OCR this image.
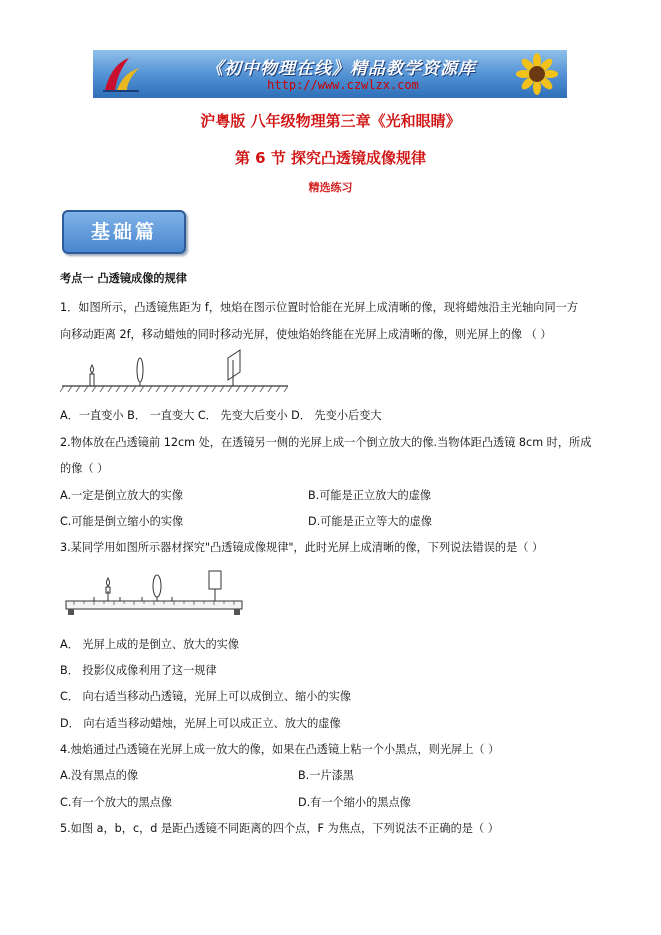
《初中物理在线》精品教学资源库
http://www.czwlzx.com
沪粤版 八年级物理第三章《光和眼睛》
第 6 节 探究凸透镜成像规律
精选练习
基础篇
考点一 凸透镜成像的规律
1．如图所示，凸透镜焦距为 f，烛焰在图示位置时恰能在光屏上成清晰的像，现将蜡烛沿主光轴向同一方
向移动距离 2f，移动蜡烛的同时移动光屏，使烛焰始终能在光屏上成清晰的像，则光屏上的像 （ ）
A．一直变小 B． 一直变大 C． 先变大后变小 D． 先变小后变大
2.物体放在凸透镜前 12cm 处，在透镜另一侧的光屏上成一个倒立放大的像.当物体距凸透镜 8cm 时，所成
的像（ ）
A.一定是倒立放大的实像	B.可能是正立放大的虚像
C.可能是倒立缩小的实像	D.可能是正立等大的虚像
3.某同学用如图所示器材探究"凸透镜成像规律"，此时光屏上成清晰的像，下列说法错误的是（ ）
A． 光屏上成的是倒立、放大的实像
B． 投影仪成像利用了这一规律
C． 向右适当移动凸透镜，光屏上可以成倒立、缩小的实像
D． 向右适当移动蜡烛，光屏上可以成正立、放大的虚像
4.烛焰通过凸透镜在光屏上成一放大的像，如果在凸透镜上粘一个小黑点，则光屏上（ ）
A.没有黑点的像	B.一片漆黑
C.有一个放大的黑点像	D.有一个缩小的黑点像
5.如图 a，b，c，d 是距凸透镜不同距离的四个点，F 为焦点，下列说法不正确的是（ ）
